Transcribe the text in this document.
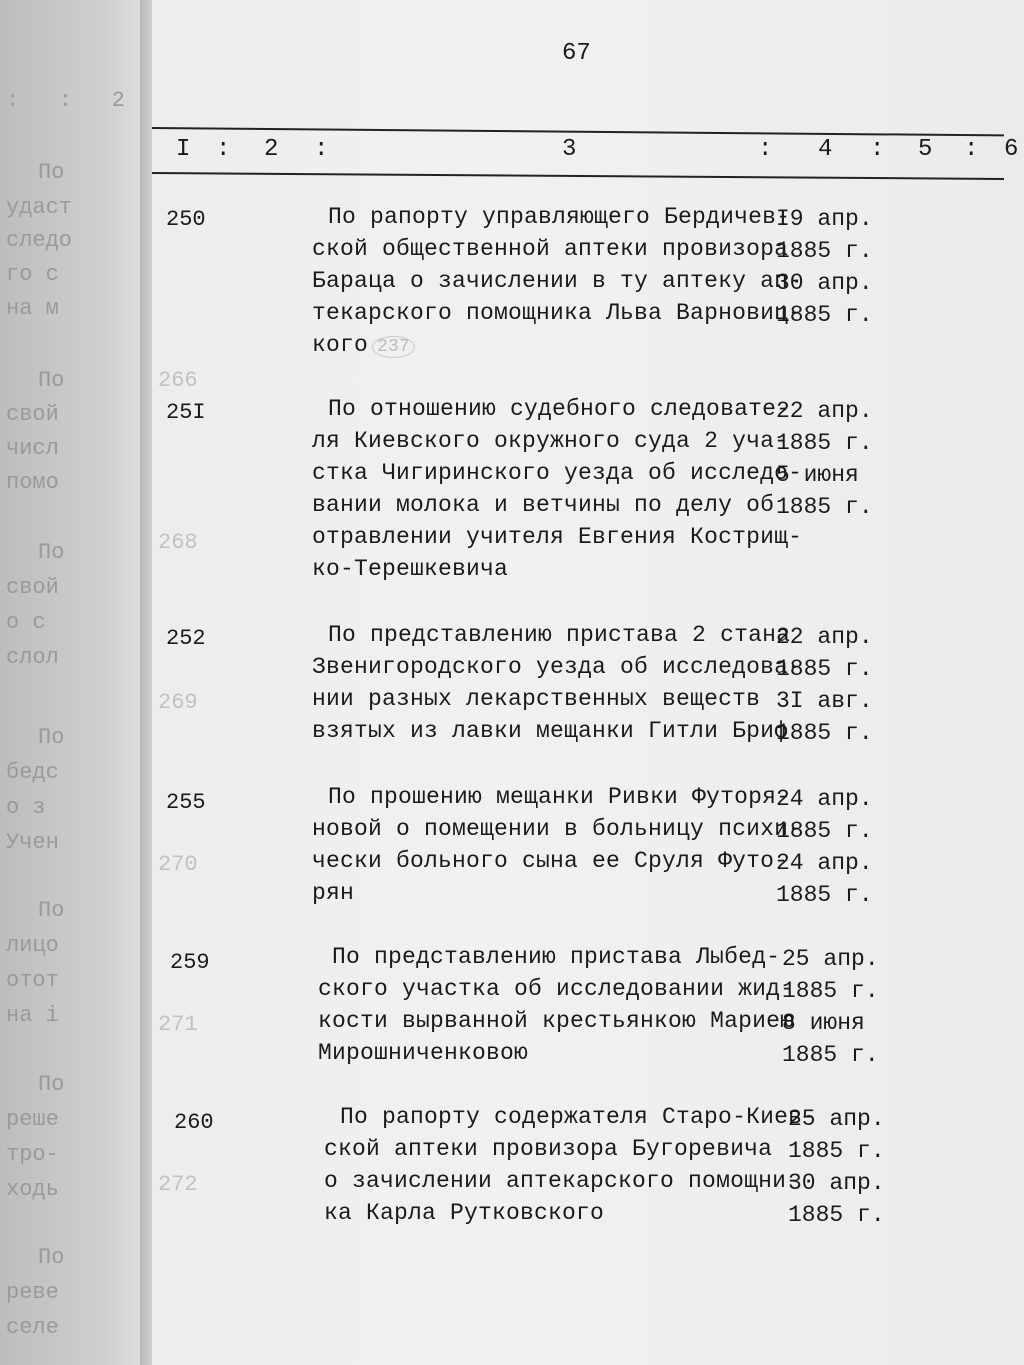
:   :   2
По
удаст
следо
го с
на м
По
свой
числ
помо
По
свой
о с
слол
По
бедс
о з
Учен
По
лицо
отот
на і
По
реше
тро-
ходь
По
реве
селе
67
I : 2 :	3	: 4 : 5 : 6
266
268
269
270
271
272
250	По рапорту управляющего Бердичев-
ской общественной аптеки провизора
Бараца о зачислении в ту аптеку ап-
текарского помощника Льва Варновиц-
кого 237
I9 апр.
1885 г.
30 апр.
1885 г.
25I	По отношению судебного следовате-
ля Киевского окружного суда 2 уча-
стка Чигиринского уезда об исследо-
вании молока и ветчины по делу об
отравлении учителя Евгения Кострищ-
ко-Терешкевича
22 апр.
1885 г.
5 июня
1885 г.
252	По представлению пристава 2 стана
Звенигородского уезда об исследова-
нии разных лекарственных веществ
взятых из лавки мещанки Гитли Бриф
22 апр.
1885 г.
3I авг.
1885 г.
255	По прошению мещанки Ривки Футоря-
новой о помещении в больницу психи-
чески больного сына ее Сруля Футо-
рян
24 апр.
1885 г.
24 апр.
1885 г.
259	По представлению пристава Лыбед-
ского участка об исследовании жид-
кости вырванной крестьянкою Мариею
Мирошниченковою
25 апр.
1885 г.
8 июня
1885 г.
260	По рапорту содержателя Старо-Киев-
ской аптеки провизора Бугоревича
о зачислении аптекарского помощни-
ка Карла Рутковского
25 апр.
1885 г.
30 апр.
1885 г.
